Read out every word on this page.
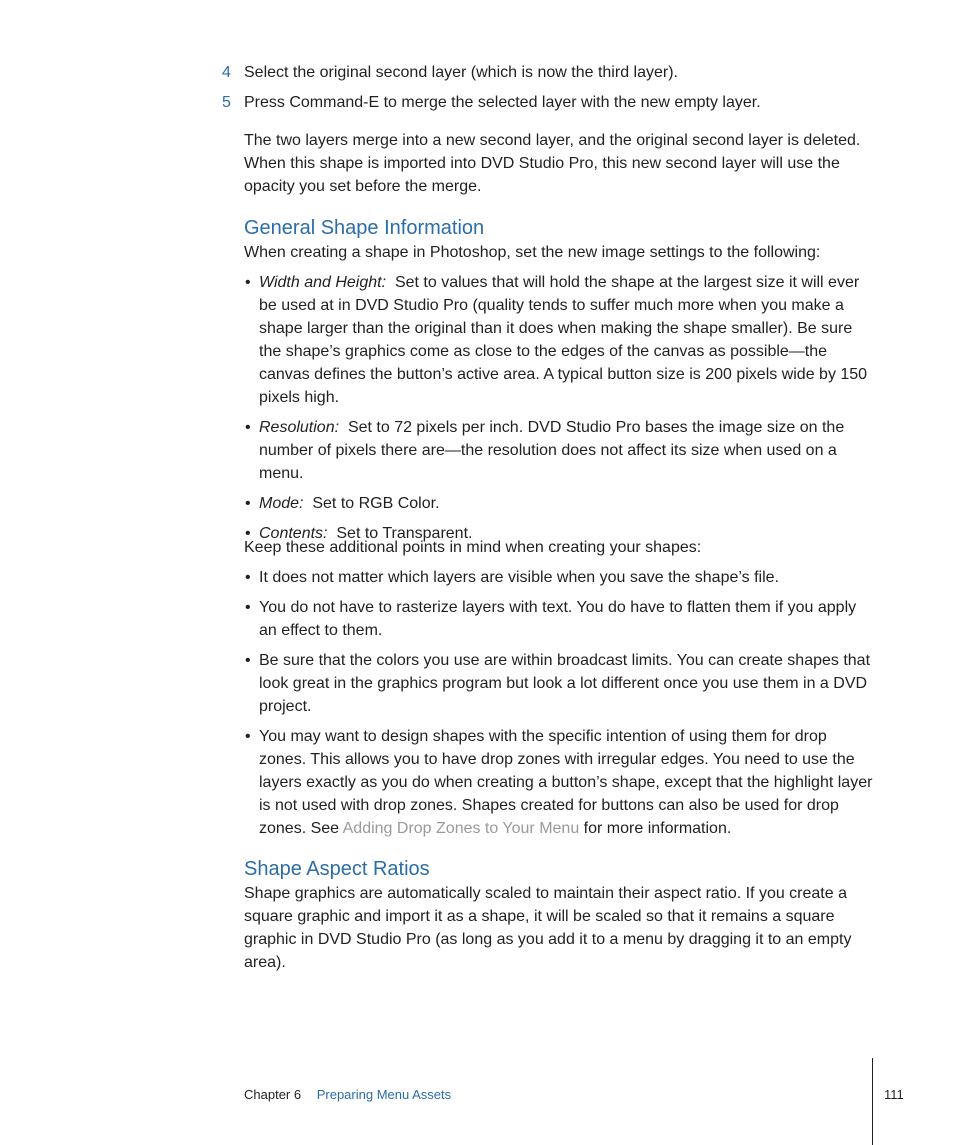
4 Select the original second layer (which is now the third layer).
5 Press Command-E to merge the selected layer with the new empty layer.

The two layers merge into a new second layer, and the original second layer is deleted. When this shape is imported into DVD Studio Pro, this new second layer will use the opacity you set before the merge.

General Shape Information

When creating a shape in Photoshop, set the new image settings to the following:

• Width and Height: Set to values that will hold the shape at the largest size it will ever be used at in DVD Studio Pro (quality tends to suffer much more when you make a shape larger than the original than it does when making the shape smaller). Be sure the shape’s graphics come as close to the edges of the canvas as possible—the canvas defines the button’s active area. A typical button size is 200 pixels wide by 150 pixels high.
• Resolution: Set to 72 pixels per inch. DVD Studio Pro bases the image size on the number of pixels there are—the resolution does not affect its size when used on a menu.
• Mode: Set to RGB Color.
• Contents: Set to Transparent.

Keep these additional points in mind when creating your shapes:

• It does not matter which layers are visible when you save the shape’s file.
• You do not have to rasterize layers with text. You do have to flatten them if you apply an effect to them.
• Be sure that the colors you use are within broadcast limits. You can create shapes that look great in the graphics program but look a lot different once you use them in a DVD project.
• You may want to design shapes with the specific intention of using them for drop zones. This allows you to have drop zones with irregular edges. You need to use the layers exactly as you do when creating a button’s shape, except that the highlight layer is not used with drop zones. Shapes created for buttons can also be used for drop zones. See Adding Drop Zones to Your Menu for more information.
Shape Aspect Ratios

Shape graphics are automatically scaled to maintain their aspect ratio. If you create a square graphic and import it as a shape, it will be scaled so that it remains a square graphic in DVD Studio Pro (as long as you add it to a menu by dragging it to an empty area).

Chapter 6 Preparing Menu Assets	111
